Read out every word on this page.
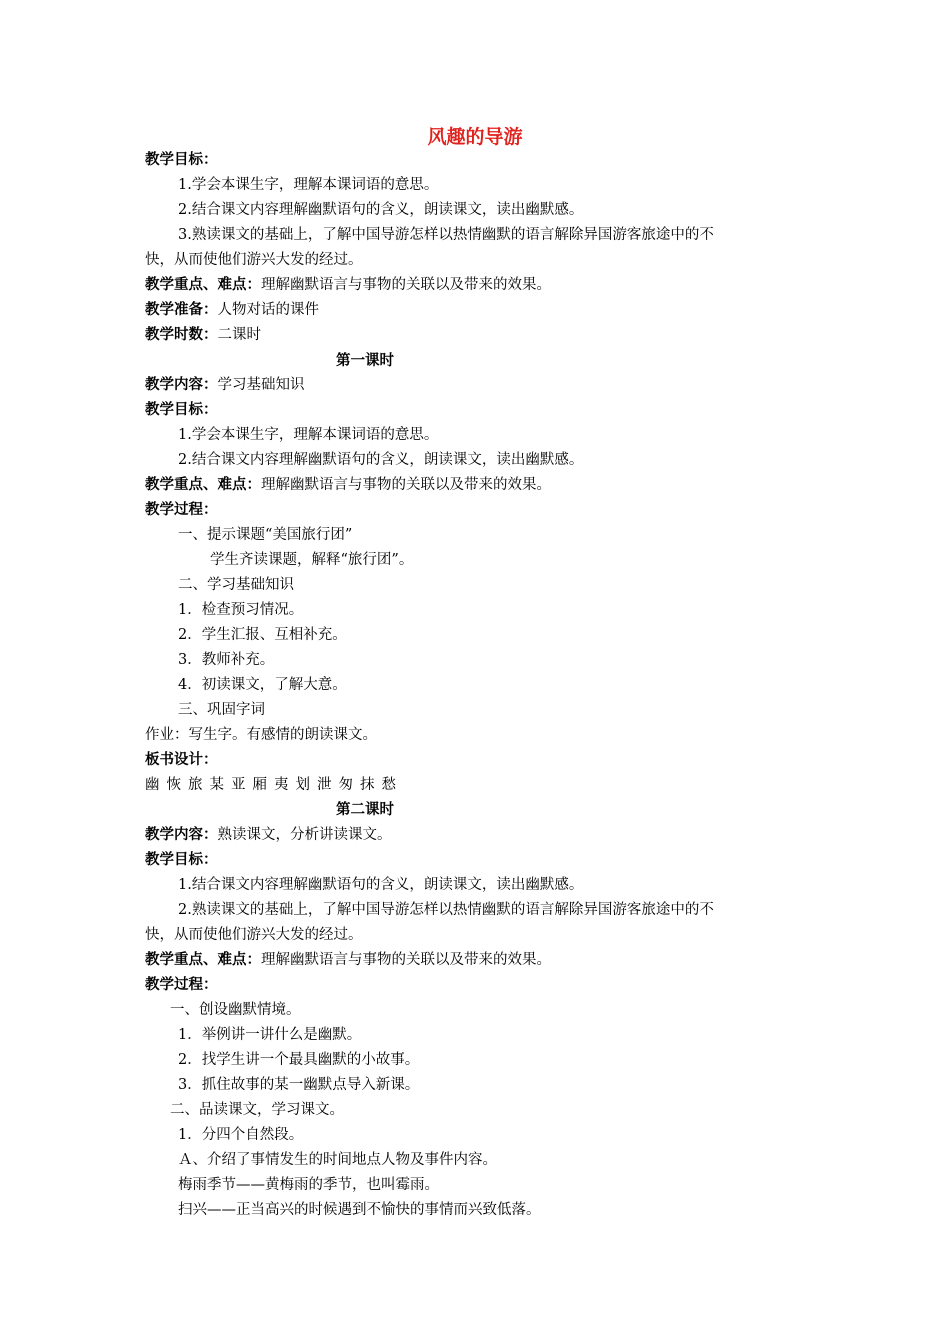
风趣的导游
教学目标：
1.学会本课生字，理解本课词语的意思。
2.结合课文内容理解幽默语句的含义，朗读课文，读出幽默感。
3.熟读课文的基础上，了解中国导游怎样以热情幽默的语言解除异国游客旅途中的不
快，从而使他们游兴大发的经过。
教学重点、难点：理解幽默语言与事物的关联以及带来的效果。
教学准备：人物对话的课件
教学时数：二课时
第一课时
教学内容：学习基础知识
教学目标：
1.学会本课生字，理解本课词语的意思。
2.结合课文内容理解幽默语句的含义，朗读课文，读出幽默感。
教学重点、难点：理解幽默语言与事物的关联以及带来的效果。
教学过程：
一、提示课题“美国旅行团”
学生齐读课题，解释“旅行团”。
二、学习基础知识
1．检查预习情况。
2．学生汇报、互相补充。
3．教师补充。
4．初读课文，了解大意。
三、巩固字词
作业：写生字。有感情的朗读课文。
板书设计：
幽 恢 旅 某 亚 厢 夷 划 泄 匆 抹 愁
第二课时
教学内容：熟读课文，分析讲读课文。
教学目标：
1.结合课文内容理解幽默语句的含义，朗读课文，读出幽默感。
2.熟读课文的基础上，了解中国导游怎样以热情幽默的语言解除异国游客旅途中的不
快，从而使他们游兴大发的经过。
教学重点、难点：理解幽默语言与事物的关联以及带来的效果。
教学过程：
一、创设幽默情境。
1．举例讲一讲什么是幽默。
2．找学生讲一个最具幽默的小故事。
3．抓住故事的某一幽默点导入新课。
二、品读课文，学习课文。
1．分四个自然段。
Ａ、介绍了事情发生的时间地点人物及事件内容。
梅雨季节——黄梅雨的季节，也叫霉雨。
扫兴——正当高兴的时候遇到不愉快的事情而兴致低落。
